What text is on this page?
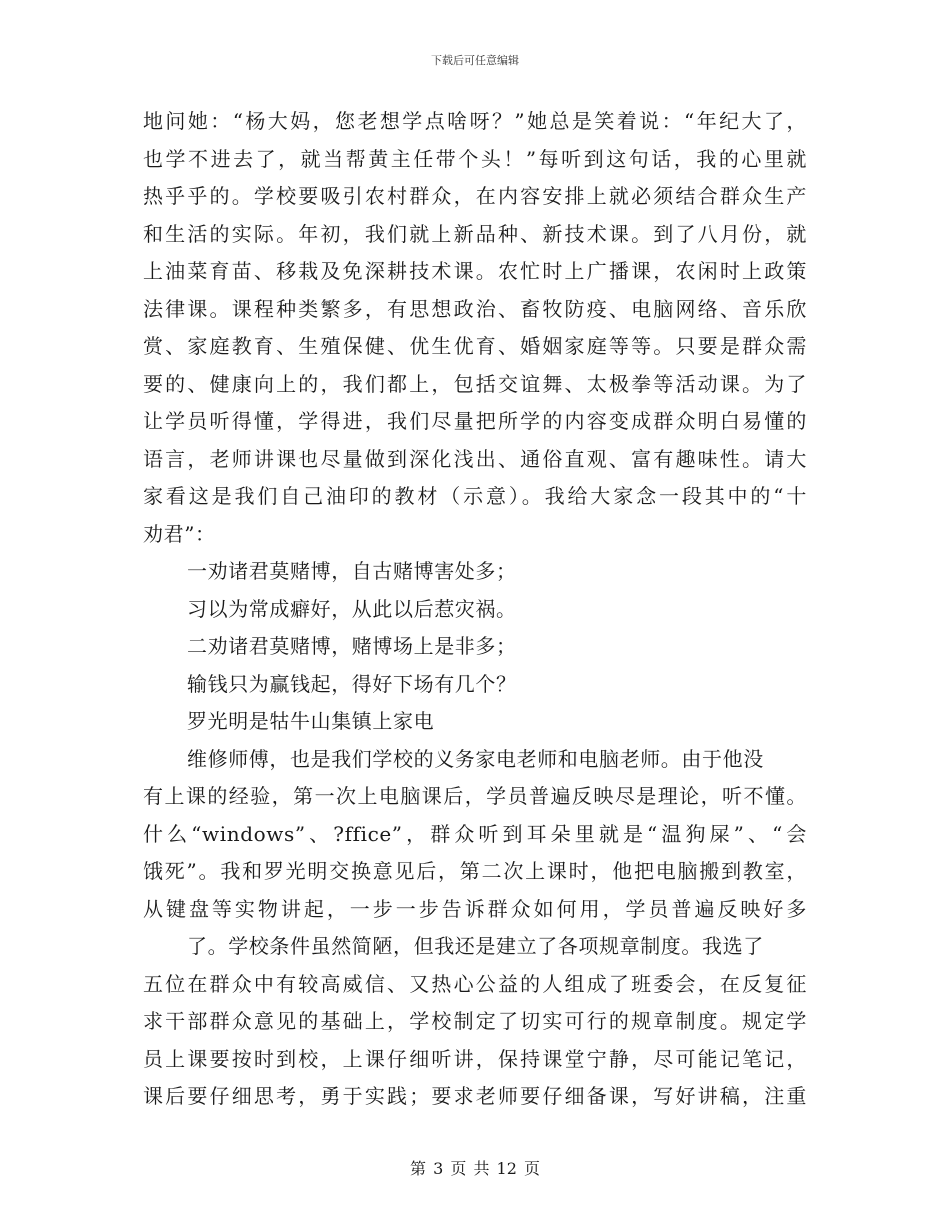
下载后可任意编辑
地问她：“杨大妈，您老想学点啥呀？”她总是笑着说：“年纪大了，
也学不进去了，就当帮黄主任带个头！”每听到这句话，我的心里就
热乎乎的。学校要吸引农村群众，在内容安排上就必须结合群众生产
和生活的实际。年初，我们就上新品种、新技术课。到了八月份，就
上油菜育苗、移栽及免深耕技术课。农忙时上广播课，农闲时上政策
法律课。课程种类繁多，有思想政治、畜牧防疫、电脑网络、音乐欣
赏、家庭教育、生殖保健、优生优育、婚姻家庭等等。只要是群众需
要的、健康向上的，我们都上，包括交谊舞、太极拳等活动课。为了
让学员听得懂，学得进，我们尽量把所学的内容变成群众明白易懂的
语言，老师讲课也尽量做到深化浅出、通俗直观、富有趣味性。请大
家看这是我们自己油印的教材（示意）。我给大家念一段其中的“十
劝君”：
一劝诸君莫赌博，自古赌博害处多；
习以为常成癖好，从此以后惹灾祸。
二劝诸君莫赌博，赌博场上是非多；
输钱只为赢钱起，得好下场有几个？
罗光明是牯牛山集镇上家电
维修师傅，也是我们学校的义务家电老师和电脑老师。由于他没
有上课的经验，第一次上电脑课后，学员普遍反映尽是理论，听不懂。
什么“windows”、?ffice”，群众听到耳朵里就是“温狗屎”、“会
饿死”。我和罗光明交换意见后，第二次上课时，他把电脑搬到教室，
从键盘等实物讲起，一步一步告诉群众如何用，学员普遍反映好多
了。学校条件虽然简陋，但我还是建立了各项规章制度。我选了
五位在群众中有较高威信、又热心公益的人组成了班委会，在反复征
求干部群众意见的基础上，学校制定了切实可行的规章制度。规定学
员上课要按时到校，上课仔细听讲，保持课堂宁静，尽可能记笔记，
课后要仔细思考，勇于实践；要求老师要仔细备课，写好讲稿，注重
第 3 页 共 12 页
